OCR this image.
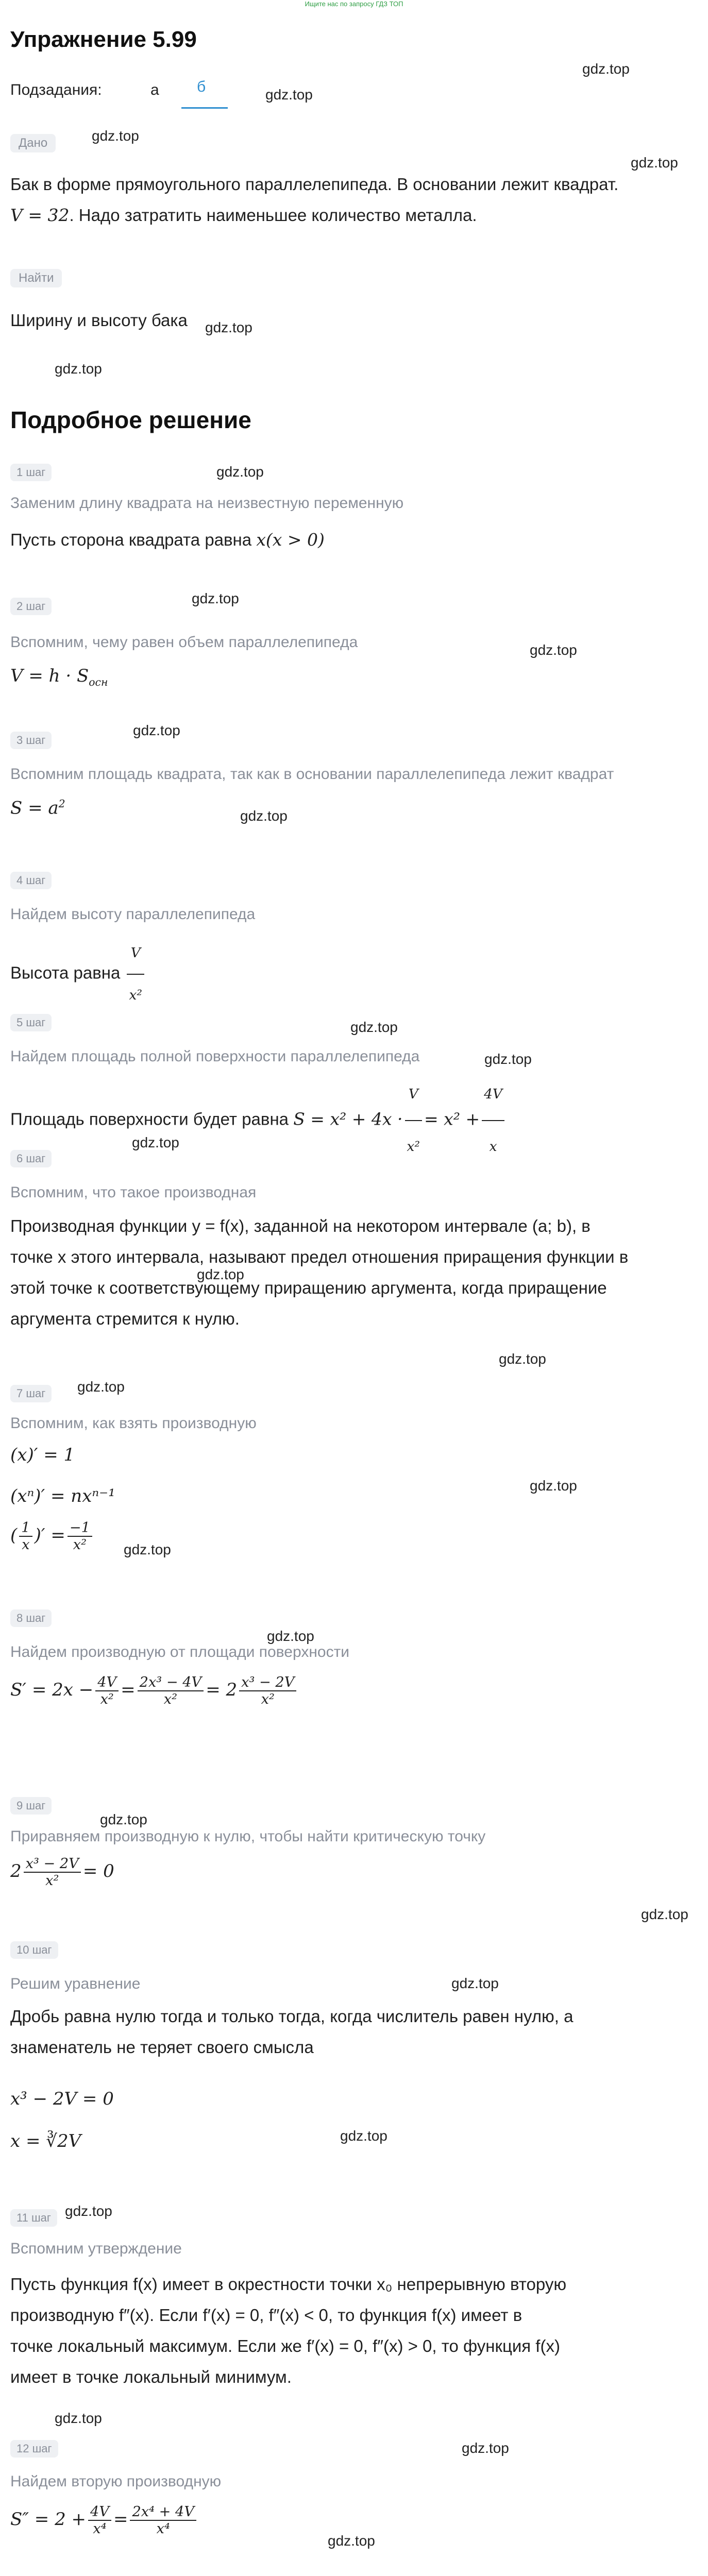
Ищите нас по запросу ГДЗ ТОП
Упражнение 5.99
Подзадания:	а б
gdz.top
gdz.top
Дано	gdz.top
gdz.top
Бак в форме прямоугольного параллелепипеда. В основании лежит квадрат.
V = 32. Надо затратить наименьшее количество металла.
Найти
Ширину и высоту бака gdz.top
gdz.top
Подробное решение
1 шаг	gdz.top
Заменим длину квадрата на неизвестную переменную
Пусть сторона квадрата равна x(x > 0)
2 шаг	gdz.top
gdz.top
Вспомним, чему равен объем параллелепипеда
$V = h \cdot S_{осн}$
3 шаг
gdz.top
Вспомним площадь квадрата, так как в основании параллелепипеда лежит квадрат
$S = a^2$
gdz.top
4 шаг
Найдем высоту параллелепипеда
Высота равна $\frac{V}{\text{x²}}$
5 шаг	gdz.top
gdz.top
Найдем площадь полной поверхности параллелепипеда
Площадь поверхности будет равна $S = x^2 + 4x \cdot \frac{V}{\text{x²}} = x^2 + \frac{4V}{x}$
6 шаг
gdz.top
Вспомним, что такое производная
Производная функции y = f(x), заданной на некотором интервале (a; b), в
точке x этого интервала, называют предел отношения приращения функции в
gdz.top
этой точке к соответствующему приращению аргумента, когда приращение
аргумента стремится к нулю.
gdz.top
7 шаг	gdz.top
Вспомним, как взять производную
gdz.top
(x)′ = 1
(xⁿ)′ = nxⁿ⁻¹
( $\frac{1}{x}$ )′ = $\frac{-1}{\text{x²}} gdz.top$
8 шаг
gdz.top
Найдем производную от площади поверхности
$S' = 2x - \frac{4V}{\text{x²}} = \frac{\text{2x³ − 4V}}{\text{x²}} = 2 \frac{\text{x³ − 2V}}{\text{x²}}$
9 шаг
gdz.top
Приравняем производную к нулю, чтобы найти критическую точку
$2 \frac{\text{x³ − 2V}}{\text{x²}} = 0$
gdz.top
10 шаг
Решим уравнение	gdz.top
Дробь равна нулю тогда и только тогда, когда числитель равен нулю, а
знаменатель не теряет своего смысла
x³ − 2V = 0
x = ∛2V	gdz.top
11 шаг gdz.top
Вспомним утверждение
Пусть функция f(x) имеет в окрестности точки x₀ непрерывную вторую
производную f″(x). Если f′(x) = 0, f″(x) < 0, то функция f(x) имеет в
точке локальный максимум. Если же f′(x) = 0, f″(x) > 0, то функция f(x)
имеет в точке локальный минимум.
gdz.top
12 шаг	gdz.top
Найдем вторую производную
$S'' = 2 + \frac{4V}{\text{x⁴}} = \frac{\text{2x⁴ + 4V}}{\text{x⁴}}$
gdz.top
